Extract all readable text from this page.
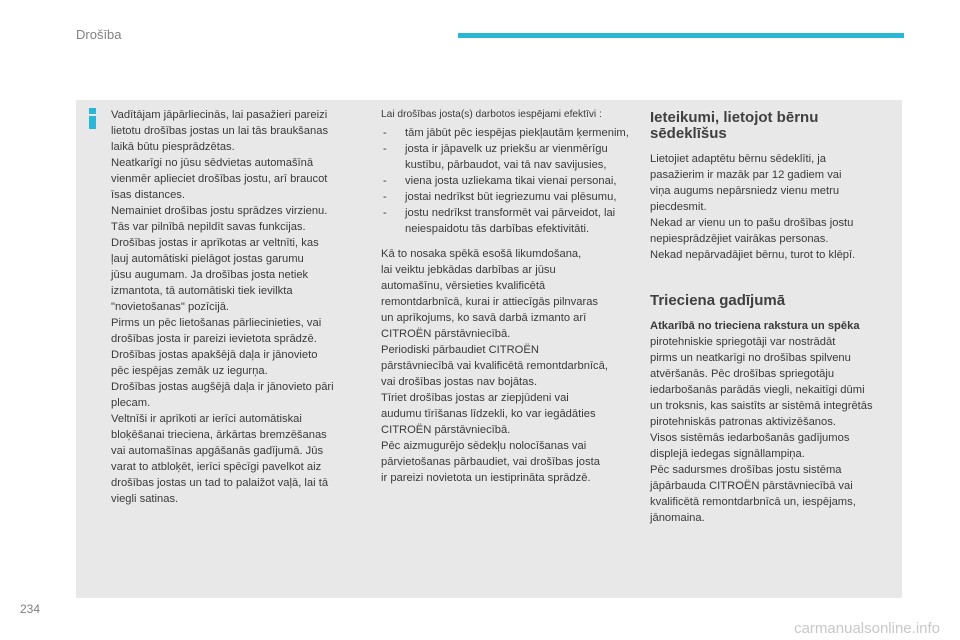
Drošība

Vadītājam jāpārliecinās, lai pasažieri pareizi
lietotu drošības jostas un lai tās braukšanas
laikā būtu piesprādzētas.
Neatkarīgi no jūsu sēdvietas automašīnā
vienmēr aplieciet drošības jostu, arī braucot
īsas distances.
Nemainiet drošības jostu sprādzes virzienu.
Tās var pilnībā nepildīt savas funkcijas.
Drošības jostas ir aprīkotas ar veltnīti, kas
ļauj automātiski pielāgot jostas garumu
jūsu augumam. Ja drošības josta netiek
izmantota, tā automātiski tiek ievilkta
"novietošanas" pozīcijā.
Pirms un pēc lietošanas pārliecinieties, vai
drošības josta ir pareizi ievietota sprādzē.
Drošības jostas apakšējā daļa ir jānovieto
pēc iespējas zemāk uz iegurņa.
Drošības jostas augšējā daļa ir jānovieto pāri
plecam.
Veltnīši ir aprīkoti ar ierīci automātiskai
bloķēšanai trieciena, ārkārtas bremzēšanas
vai automašīnas apgāšanās gadījumā. Jūs
varat to atbloķēt, ierīci spēcīgi pavelkot aiz
drošības jostas un tad to palaižot vaļā, lai tā
viegli satinas.

Lai drošības josta(s) darbotos iespējami efektīvi :

- tām jābūt pēc iespējas piekļautām ķermenim,
- josta ir jāpavelk uz priekšu ar vienmērīgu kustību, pārbaudot, vai tā nav savijusies,
- viena josta uzliekama tikai vienai personai,
- jostai nedrīkst būt iegriezumu vai plēsumu,
- jostu nedrīkst transformēt vai pārveidot, lai neiespaidotu tās darbības efektivitāti.

Kā to nosaka spēkā esošā likumdošana,
lai veiktu jebkādas darbības ar jūsu
automašīnu, vērsieties kvalificētā
remontdarbnīcā, kurai ir attiecīgās pilnvaras
un aprīkojums, ko savā darbā izmanto arī
CITROËN pārstāvniecībā.
Periodiski pārbaudiet CITROËN
pārstāvniecībā vai kvalificētā remontdarbnīcā,
vai drošības jostas nav bojātas.
Tīriet drošības jostas ar ziepjūdeni vai
audumu tīrīšanas līdzekli, ko var iegādāties
CITROËN pārstāvniecībā.
Pēc aizmugurējo sēdekļu nolocīšanas vai
pārvietošanas pārbaudiet, vai drošības josta
ir pareizi novietota un iestiprināta sprādzē.

Ieteikumi, lietojot bērnu
sēdeklīšus

Lietojiet adaptētu bērnu sēdeklīti, ja
pasažierim ir mazāk par 12 gadiem vai
viņa augums nepārsniedz vienu metru
piecdesmit.
Nekad ar vienu un to pašu drošības jostu
nepiesprādzējiet vairākas personas.
Nekad nepārvadājiet bērnu, turot to klēpī.

Trieciena gadījumā
Atkarībā no trieciena rakstura un spēka

pirotehniskie spriegotāji var nostrādāt
pirms un neatkarīgi no drošības spilvenu
atvēršanās. Pēc drošības spriegotāju
iedarbošanās parādās viegli, nekaitīgi dūmi
un troksnis, kas saistīts ar sistēmā integrētās
pirotehniskās patronas aktivizēšanos.
Visos sistēmās iedarbošanās gadījumos
displejā iedegas signāllampiņa.
Pēc sadursmes drošības jostu sistēma
jāpārbauda CITROËN pārstāvniecībā vai
kvalificētā remontdarbnīcā un, iespējams,
jānomaina.

234
carmanualsonline.info
